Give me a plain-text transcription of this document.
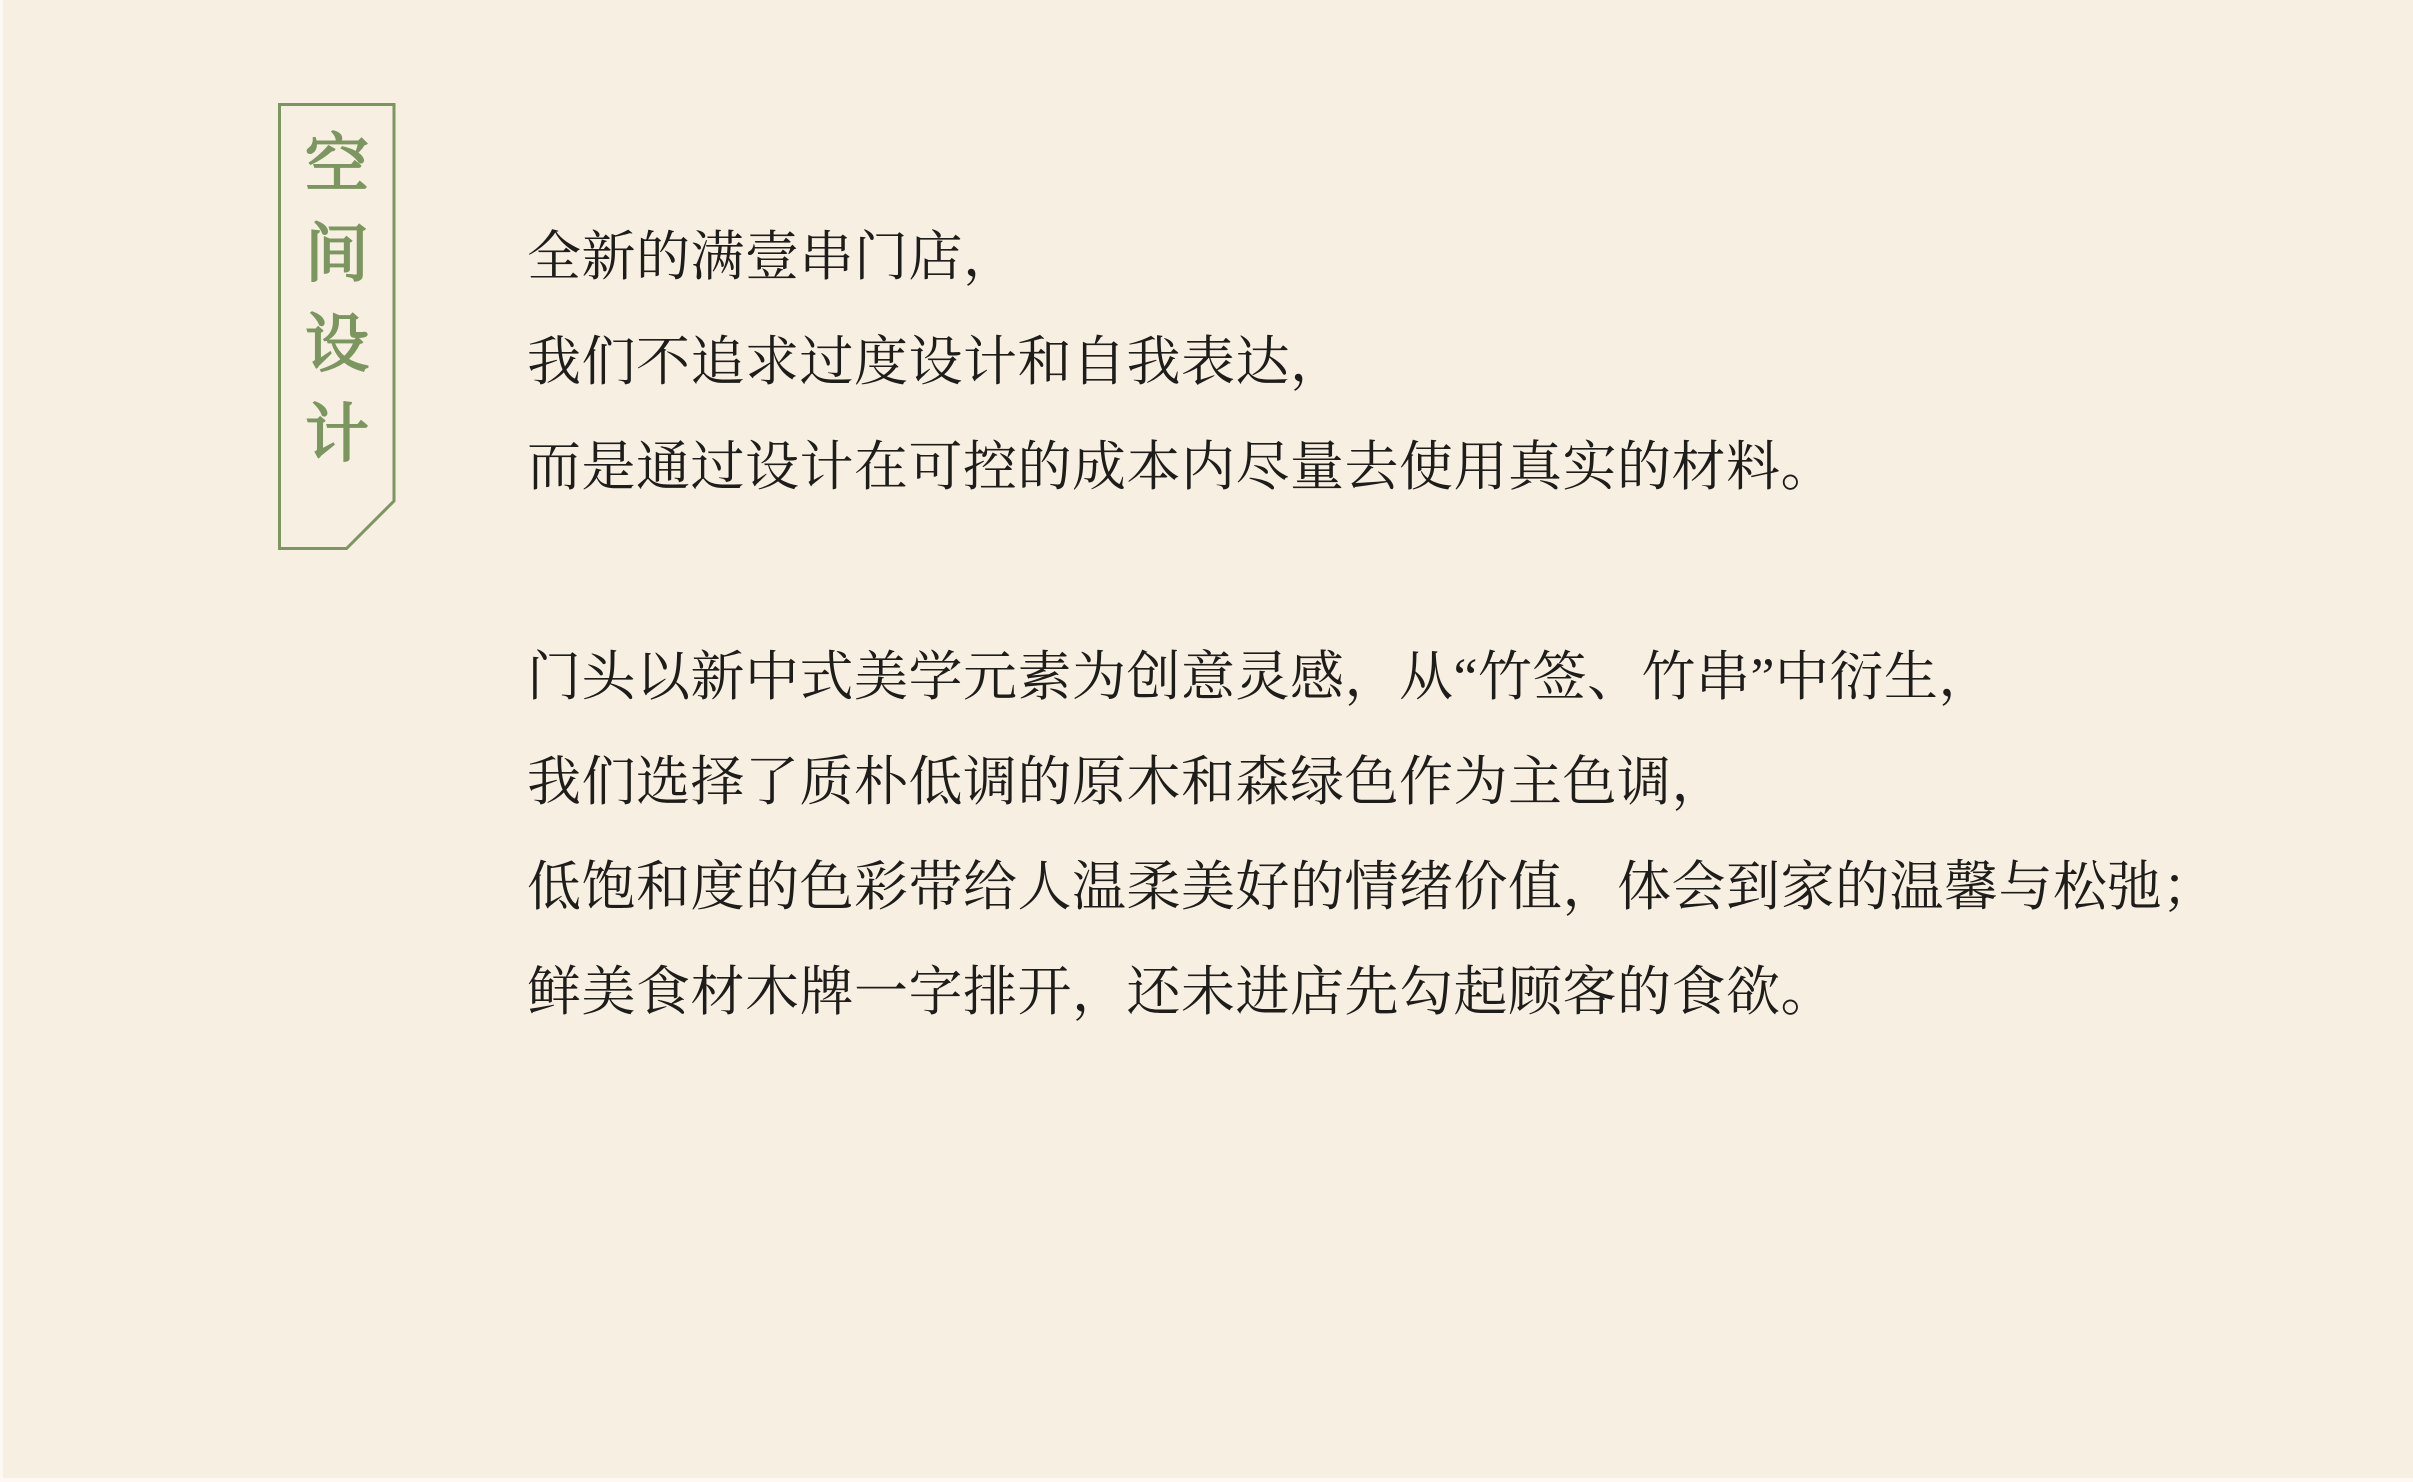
空
间
设
计
全新的满壹串门店，
我们不追求过度设计和自我表达，
而是通过设计在可控的成本内尽量去使用真实的材料。
门头以新中式美学元素为创意灵感，从“竹签、竹串”中衍生，
我们选择了质朴低调的原木和森绿色作为主色调，
低饱和度的色彩带给人温柔美好的情绪价值，体会到家的温馨与松弛；
鲜美食材木牌一字排开，还未进店先勾起顾客的食欲。
